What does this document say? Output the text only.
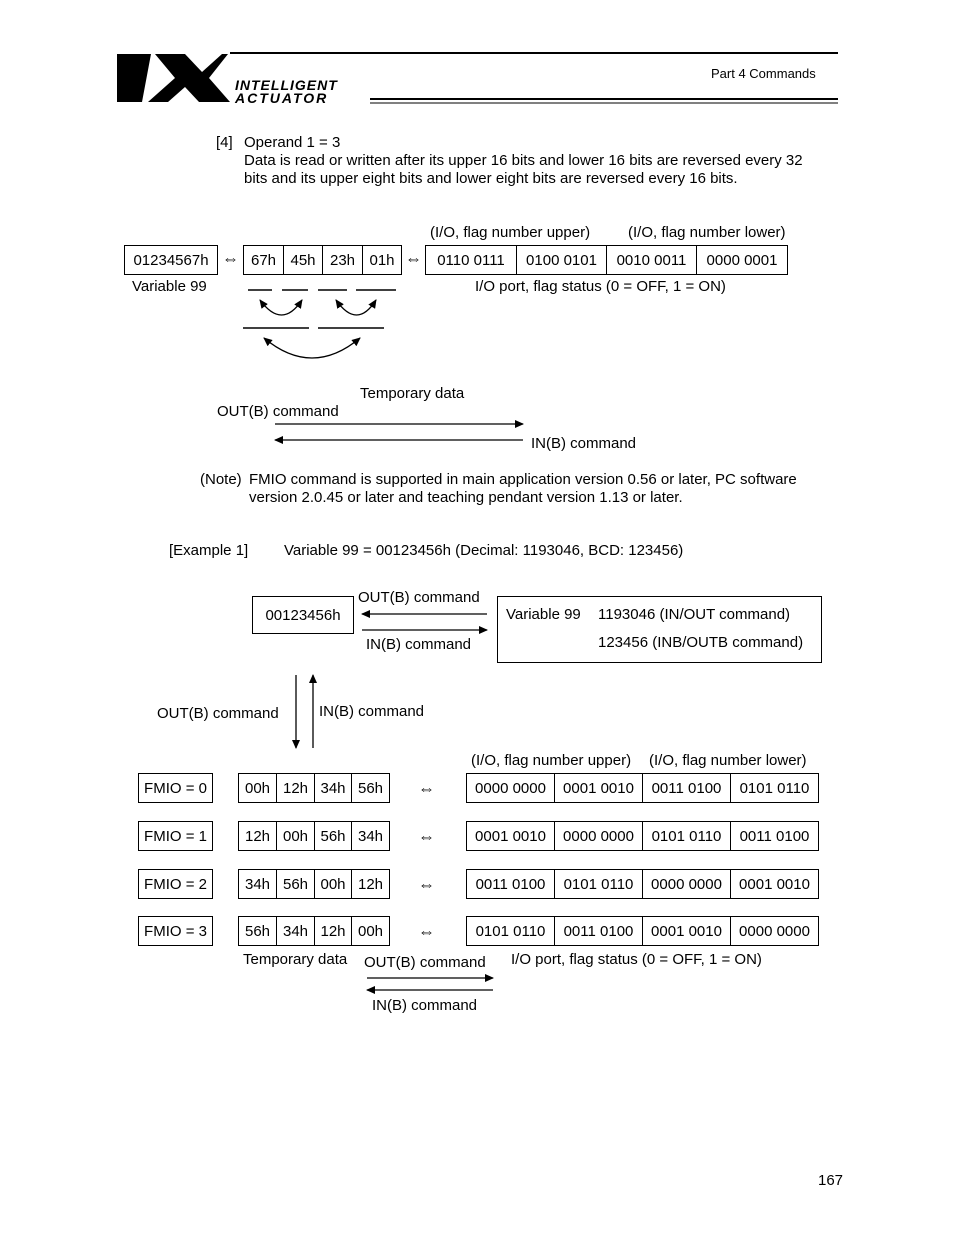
INTELLIGENT
ACTUATOR
Part 4 Commands
[4] Operand 1 = 3
Data is read or written after its upper 16 bits and lower 16 bits are reversed every 32
bits and its upper eight bits and lower eight bits are reversed every 16 bits.
(I/O, flag number upper)	(I/O, flag number lower)
01234567h ⇔ 67h 45h 23h 01h ⇔	0110 0111	0100 0101	0010 0011	0000 0001
Variable 99	I/O port, flag status (0 = OFF, 1 = ON)
Temporary data
OUT(B) command
IN(B) command
(Note) FMIO command is supported in main application version 0.56 or later, PC software
version 2.0.45 or later and teaching pendant version 1.13 or later.
[Example 1] Variable 99 = 00123456h (Decimal: 1193046, BCD: 123456)
00123456h
OUT(B) command
IN(B) command
Variable 99 1193046 (IN/OUT command)
123456 (INB/OUTB command)
OUT(B) command	IN(B) command
(I/O, flag number upper) (I/O, flag number lower)
FMIO = 0	00h 12h 34h 56h	⇔	0000 0000	0001 0010	0011 0100	0101 0110
FMIO = 1	12h 00h 56h 34h	⇔	0001 0010	0000 0000	0101 0110	0011 0100
FMIO = 2	34h 56h 00h 12h	⇔	0011 0100	0101 0110	0000 0000	0001 0010
FMIO = 3	56h 34h 12h 00h	⇔	0101 0110	0011 0100	0001 0010	0000 0000
Temporary data OUT(B) command I/O port, flag status (0 = OFF, 1 = ON)
IN(B) command
167
